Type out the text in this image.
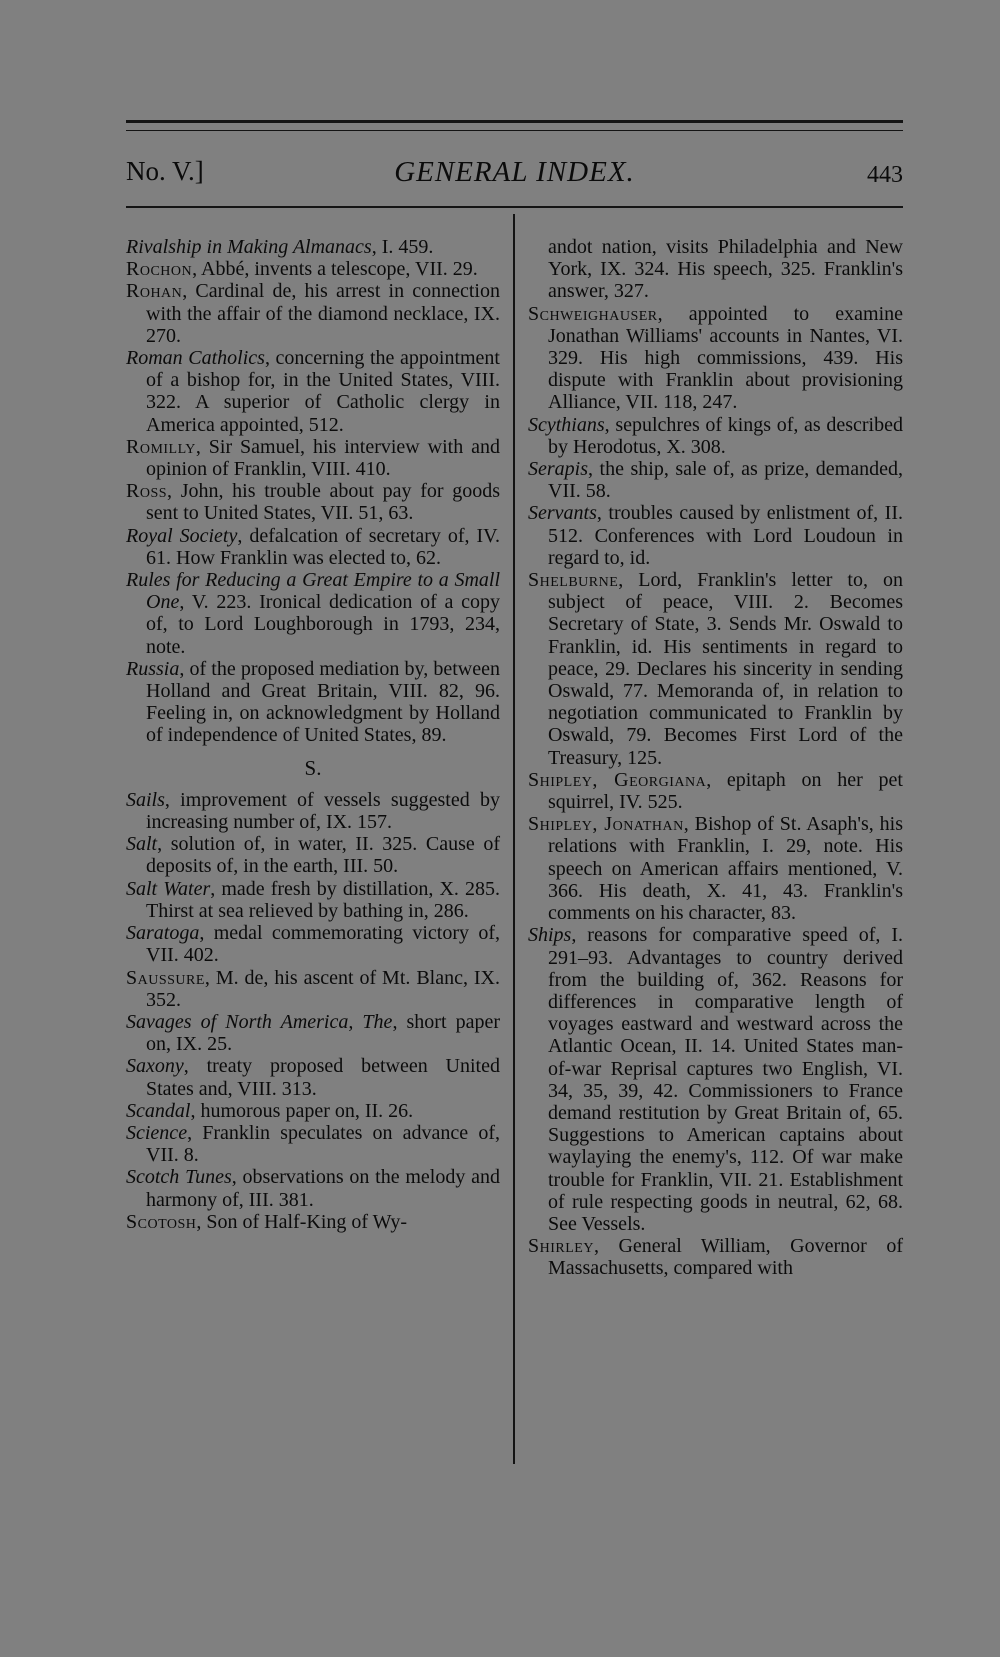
No. V.]	GENERAL INDEX.	443

Rivalship in Making Almanacs, I. 459.

Rochon, Abbé, invents a telescope, VII. 29.

Rohan, Cardinal de, his arrest in connection with the affair of the diamond necklace, IX. 270.

Roman Catholics, concerning the appointment of a bishop for, in the United States, VIII. 322. A superior of Catholic clergy in America appointed, 512.

Romilly, Sir Samuel, his interview with and opinion of Franklin, VIII. 410.

Ross, John, his trouble about pay for goods sent to United States, VII. 51, 63.

Royal Society, defalcation of secretary of, IV. 61. How Franklin was elected to, 62.

Rules for Reducing a Great Empire to a Small One, V. 223. Ironical dedication of a copy of, to Lord Loughborough in 1793, 234, note.

Russia, of the proposed mediation by, between Holland and Great Britain, VIII. 82, 96. Feeling in, on acknowledgment by Holland of independence of United States, 89.

S.

Sails, improvement of vessels suggested by increasing number of, IX. 157.

Salt, solution of, in water, II. 325. Cause of deposits of, in the earth, III. 50.

Salt Water, made fresh by distillation, X. 285. Thirst at sea relieved by bathing in, 286.

Saratoga, medal commemorating victory of, VII. 402.

Saussure, M. de, his ascent of Mt. Blanc, IX. 352.

Savages of North America, The, short paper on, IX. 25.

Saxony, treaty proposed between United States and, VIII. 313.

Scandal, humorous paper on, II. 26.

Science, Franklin speculates on advance of, VII. 8.

Scotch Tunes, observations on the melody and harmony of, III. 381.

Scotosh, Son of Half-King of Wy-

andot nation, visits Philadelphia and New York, IX. 324. His speech, 325. Franklin's answer, 327.

Schweighauser, appointed to examine Jonathan Williams' accounts in Nantes, VI. 329. His high commissions, 439. His dispute with Franklin about provisioning Alliance, VII. 118, 247.

Scythians, sepulchres of kings of, as described by Herodotus, X. 308.

Serapis, the ship, sale of, as prize, demanded, VII. 58.

Servants, troubles caused by enlistment of, II. 512. Conferences with Lord Loudoun in regard to, id.

Shelburne, Lord, Franklin's letter to, on subject of peace, VIII. 2. Becomes Secretary of State, 3. Sends Mr. Oswald to Franklin, id. His sentiments in regard to peace, 29. Declares his sincerity in sending Oswald, 77. Memoranda of, in relation to negotiation communicated to Franklin by Oswald, 79. Becomes First Lord of the Treasury, 125.

Shipley, Georgiana, epitaph on her pet squirrel, IV. 525.

Shipley, Jonathan, Bishop of St. Asaph's, his relations with Franklin, I. 29, note. His speech on American affairs mentioned, V. 366. His death, X. 41, 43. Franklin's comments on his character, 83.

Ships, reasons for comparative speed of, I. 291–93. Advantages to country derived from the building of, 362. Reasons for differences in comparative length of voyages eastward and westward across the Atlantic Ocean, II. 14. United States man-of-war Reprisal captures two English, VI. 34, 35, 39, 42. Commissioners to France demand restitution by Great Britain of, 65. Suggestions to American captains about waylaying the enemy's, 112. Of war make trouble for Franklin, VII. 21. Establishment of rule respecting goods in neutral, 62, 68. See Vessels.

Shirley, General William, Governor of Massachusetts, compared with
